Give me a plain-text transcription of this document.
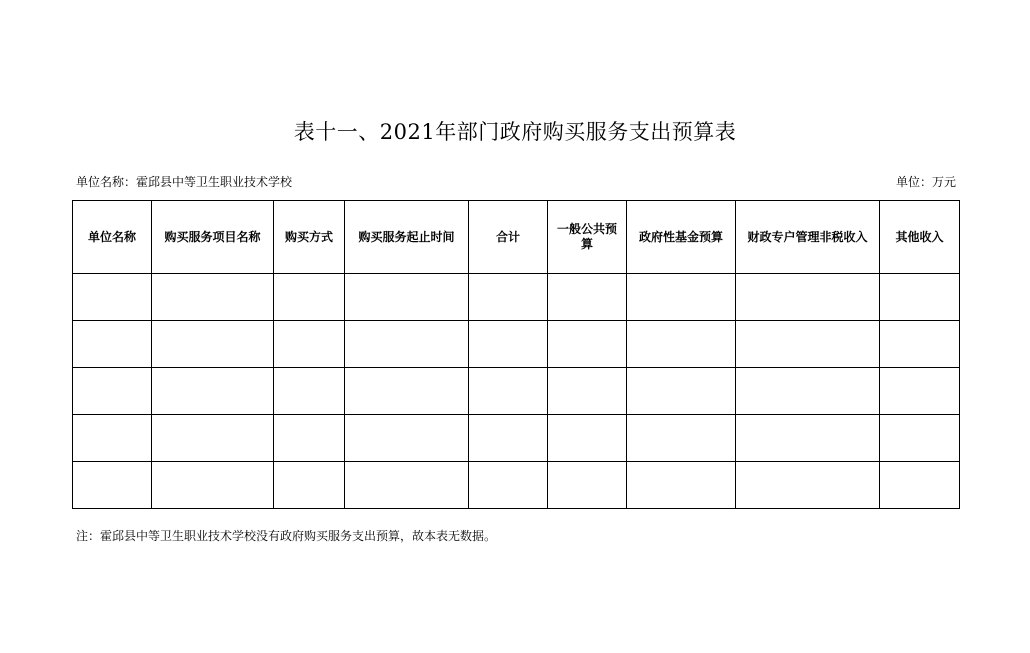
表十一、2021年部门政府购买服务支出预算表
单位名称：霍邱县中等卫生职业技术学校	单位：万元
单位名称	购买服务项目名称	购买方式	购买服务起止时间	合计	一般公共预算	政府性基金预算	财政专户管理非税收入	其他收入

注：霍邱县中等卫生职业技术学校没有政府购买服务支出预算，故本表无数据。
